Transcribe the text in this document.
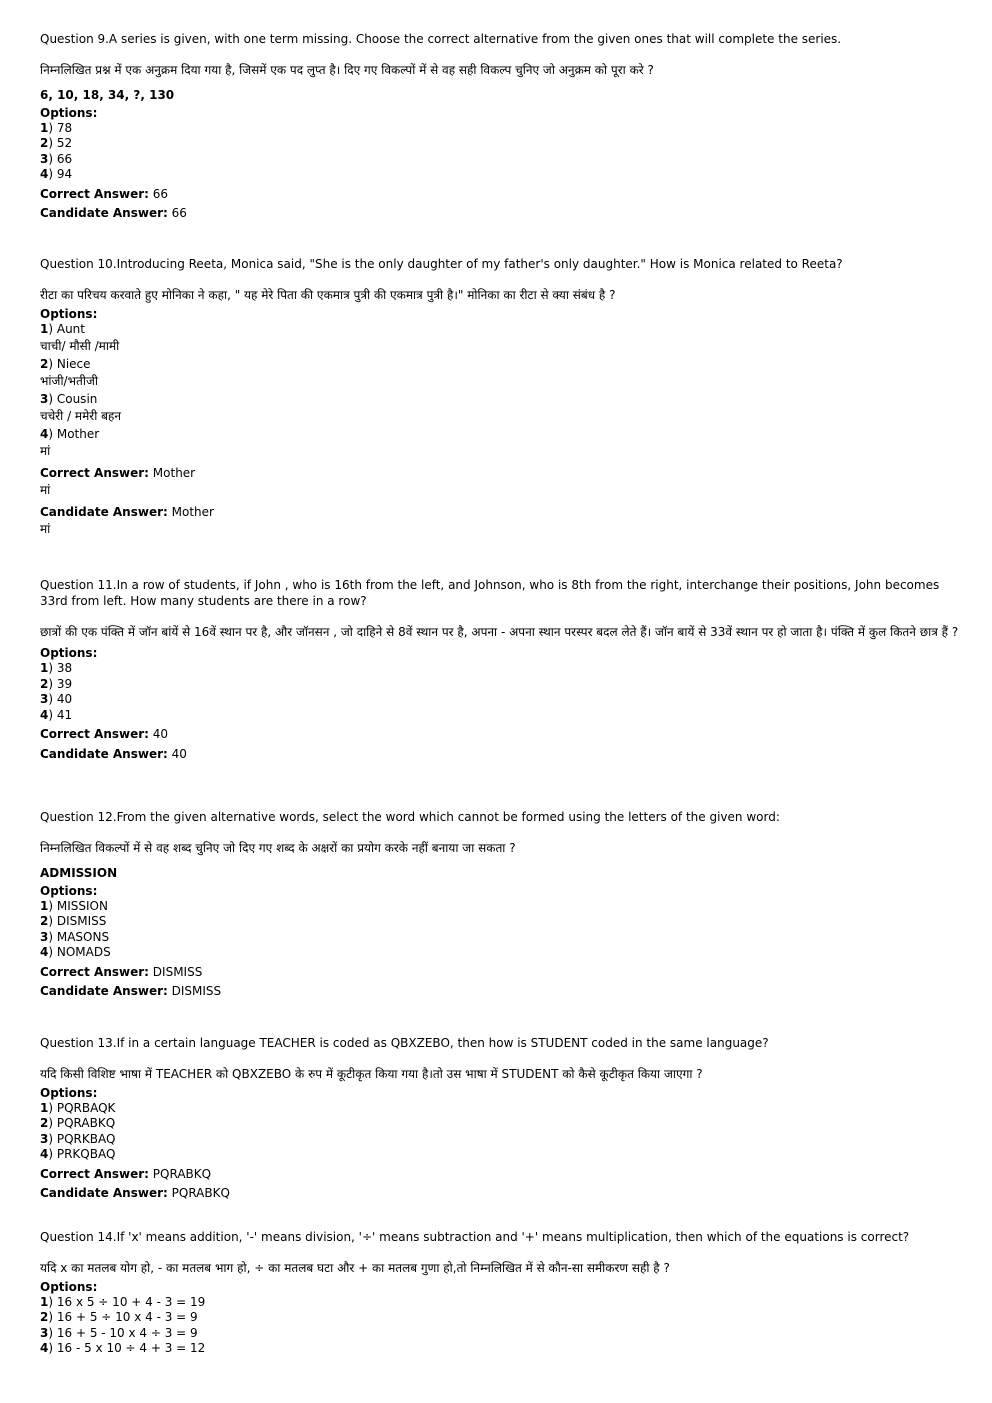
Question 9.A series is given, with one term missing. Choose the correct alternative from the given ones that will complete the series.

निम्नलिखित प्रश्न में एक अनुक्रम दिया गया है, जिसमें एक पद लुप्त है। दिए गए विकल्पों में से वह सही विकल्प चुनिए जो अनुक्रम को पूरा करे ?

6, 10, 18, 34, ?, 130

Options:

1) 78

2) 52

3) 66

4) 94

Correct Answer: 66

Candidate Answer: 66

Question 10.Introducing Reeta, Monica said, "She is the only daughter of my father's only daughter." How is Monica related to Reeta?

रीटा का परिचय करवाते हुए मोनिका ने कहा, " यह मेरे पिता की एकमात्र पुत्री की एकमात्र पुत्री है।" मोनिका का रीटा से क्या संबंध है ?

Options:

1) Aunt

चाची/ मौसी /मामी

2) Niece

भांजी/भतीजी

3) Cousin

चचेरी / ममेरी बहन

4) Mother

मां

Correct Answer: Mother

मां

Candidate Answer: Mother

मां

Question 11.In a row of students, if John , who is 16th from the left, and Johnson, who is 8th from the right, interchange their positions, John becomes 33rd from left. How many students are there in a row?

छात्रों की एक पंक्ति में जॉन बांयें से 16वें स्थान पर है, और जॉनसन , जो दाहिने से 8वें स्थान पर है, अपना - अपना स्थान परस्पर बदल लेते हैं। जॉन बायें से 33वें स्थान पर हो जाता है। पंक्ति में कुल कितने छात्र हैं ?

Options:

1) 38

2) 39

3) 40

4) 41

Correct Answer: 40

Candidate Answer: 40

Question 12.From the given alternative words, select the word which cannot be formed using the letters of the given word:

निम्नलिखित विकल्पों में से वह शब्द चुनिए जो दिए गए शब्द के अक्षरों का प्रयोग करके नहीं बनाया जा सकता ?

ADMISSION

Options:

1) MISSION

2) DISMISS

3) MASONS

4) NOMADS

Correct Answer: DISMISS

Candidate Answer: DISMISS

Question 13.If in a certain language TEACHER is coded as QBXZEBO, then how is STUDENT coded in the same language?

यदि किसी विशिष्ट भाषा में TEACHER को QBXZEBO के रुप में कूटीकृत किया गया है।तो उस भाषा में STUDENT को कैसे कूटीकृत किया जाएगा ?

Options:

1) PQRBAQK

2) PQRABKQ

3) PQRKBAQ

4) PRKQBAQ

Correct Answer: PQRABKQ

Candidate Answer: PQRABKQ

Question 14.If 'x' means addition, '-' means division, '÷' means subtraction and '+' means multiplication, then which of the equations is correct?

यदि x का मतलब योग हो, - का मतलब भाग हो, ÷ का मतलब घटा और + का मतलब गुणा हो,तो निम्नलिखित में से कौन-सा समीकरण सही है ?

Options:

1) 16 x 5 ÷ 10 + 4 - 3 = 19

2) 16 + 5 ÷ 10 x 4 - 3 = 9

3) 16 + 5 - 10 x 4 ÷ 3 = 9

4) 16 - 5 x 10 ÷ 4 + 3 = 12
